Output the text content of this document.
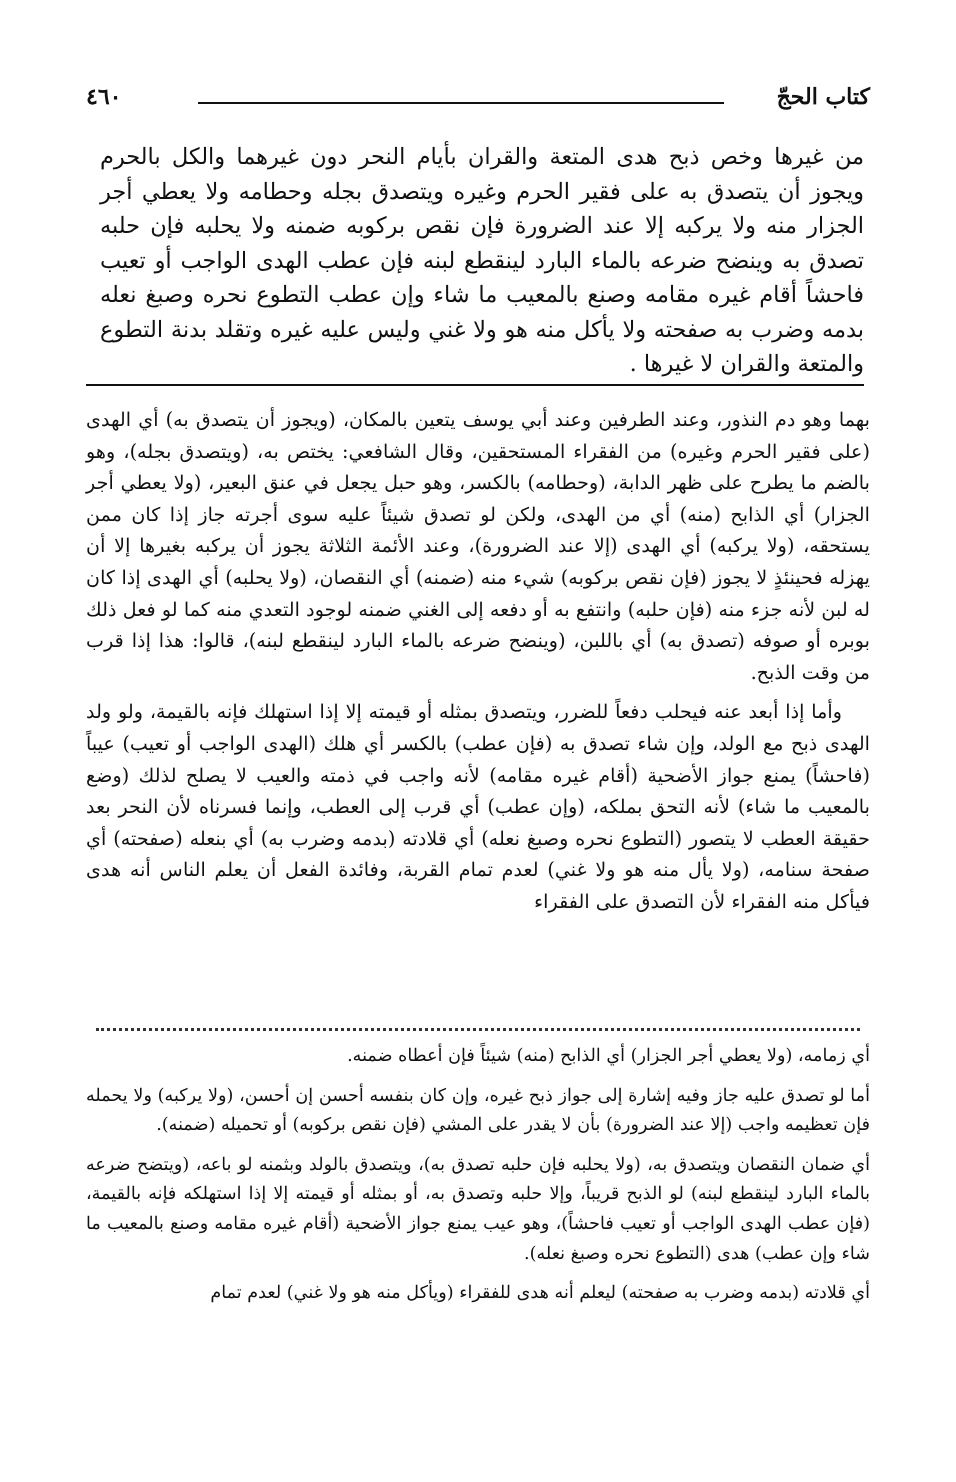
كتاب الحجّ
٤٦٠

من غيرها وخص ذبح هدى المتعة والقران بأيام النحر دون غيرهما والكل بالحرم ويجوز أن يتصدق به على فقير الحرم وغيره ويتصدق بجله وحطامه ولا يعطي أجر الجزار منه ولا يركبه إلا عند الضرورة فإن نقص بركوبه ضمنه ولا يحلبه فإن حلبه تصدق به وينضح ضرعه بالماء البارد لينقطع لبنه فإن عطب الهدى الواجب أو تعيب فاحشاً أقام غيره مقامه وصنع بالمعيب ما شاء وإن عطب التطوع نحره وصبغ نعله بدمه وضرب به صفحته ولا يأكل منه هو ولا غني وليس عليه غيره وتقلد بدنة التطوع والمتعة والقران لا غيرها .

بهما وهو دم النذور، وعند الطرفين وعند أبي يوسف يتعين بالمكان، (ويجوز أن يتصدق به) أي الهدى (على فقير الحرم وغيره) من الفقراء المستحقين، وقال الشافعي: يختص به، (ويتصدق بجله)، وهو بالضم ما يطرح على ظهر الدابة، (وحطامه) بالكسر، وهو حبل يجعل في عنق البعير، (ولا يعطي أجر الجزار) أي الذابح (منه) أي من الهدى، ولكن لو تصدق شيئاً عليه سوى أجرته جاز إذا كان ممن يستحقه، (ولا يركبه) أي الهدى (إلا عند الضرورة)، وعند الأئمة الثلاثة يجوز أن يركبه بغيرها إلا أن يهزله فحينئذٍ لا يجوز (فإن نقص بركوبه) شيء منه (ضمنه) أي النقصان، (ولا يحلبه) أي الهدى إذا كان له لبن لأنه جزء منه (فإن حلبه) وانتفع به أو دفعه إلى الغني ضمنه لوجود التعدي منه كما لو فعل ذلك بوبره أو صوفه (تصدق به) أي باللبن، (وينضح ضرعه بالماء البارد لينقطع لبنه)، قالوا: هذا إذا قرب من وقت الذبح.

وأما إذا أبعد عنه فيحلب دفعاً للضرر، ويتصدق بمثله أو قيمته إلا إذا استهلك فإنه بالقيمة، ولو ولد الهدى ذبح مع الولد، وإن شاء تصدق به (فإن عطب) بالكسر أي هلك (الهدى الواجب أو تعيب) عيباً (فاحشاً) يمنع جواز الأضحية (أقام غيره مقامه) لأنه واجب في ذمته والعيب لا يصلح لذلك (وضع بالمعيب ما شاء) لأنه التحق بملكه، (وإن عطب) أي قرب إلى العطب، وإنما فسرناه لأن النحر بعد حقيقة العطب لا يتصور (التطوع نحره وصبغ نعله) أي قلادته (بدمه وضرب به) أي بنعله (صفحته) أي صفحة سنامه، (ولا يأل منه هو ولا غني) لعدم تمام القربة، وفائدة الفعل أن يعلم الناس أنه هدى فيأكل منه الفقراء لأن التصدق على الفقراء

أي زمامه، (ولا يعطي أجر الجزار) أي الذابح (منه) شيئاً فإن أعطاه ضمنه.

أما لو تصدق عليه جاز وفيه إشارة إلى جواز ذبح غيره، وإن كان بنفسه أحسن إن أحسن، (ولا يركبه) ولا يحمله فإن تعظيمه واجب (إلا عند الضرورة) بأن لا يقدر على المشي (فإن نقص بركوبه) أو تحميله (ضمنه).

أي ضمان النقصان ويتصدق به، (ولا يحلبه فإن حلبه تصدق به)، ويتصدق بالولد وبثمنه لو باعه، (ويتضح ضرعه بالماء البارد لينقطع لبنه) لو الذبح قريباً، وإلا حلبه وتصدق به، أو بمثله أو قيمته إلا إذا استهلكه فإنه بالقيمة، (فإن عطب الهدى الواجب أو تعيب فاحشاً)، وهو عيب يمنع جواز الأضحية (أقام غيره مقامه وصنع بالمعيب ما شاء وإن عطب) هدى (التطوع نحره وصبغ نعله).

أي قلادته (بدمه وضرب به صفحته) ليعلم أنه هدى للفقراء (ويأكل منه هو ولا غني) لعدم تمام
